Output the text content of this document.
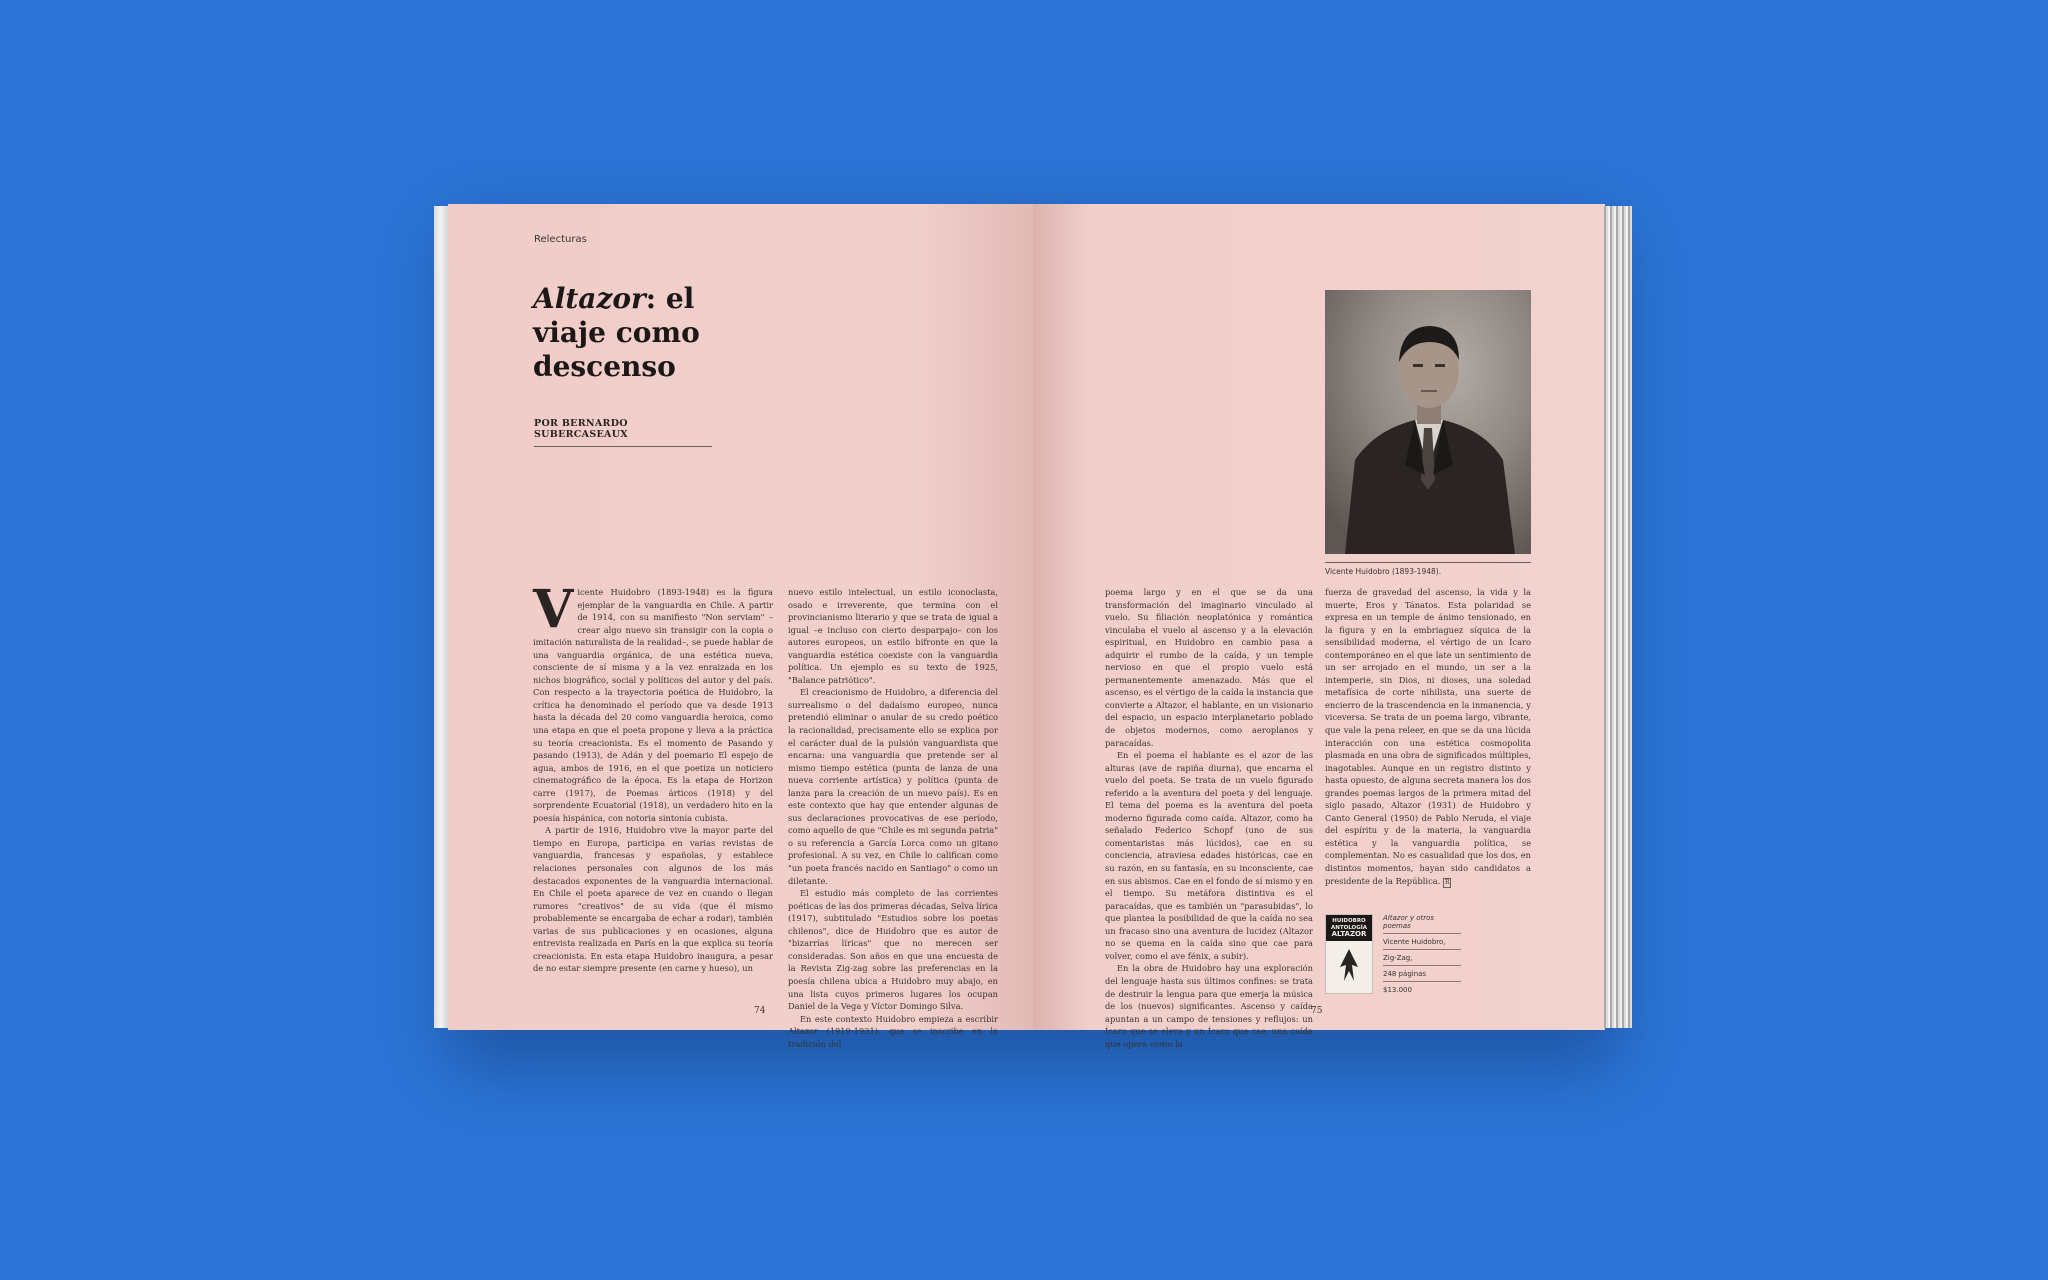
Relecturas
Altazor: el viaje como descenso
POR BERNARDO SUBERCASEAUX

Vicente Huidobro (1893-1948) es la figura ejemplar de la vanguardia en Chile. A partir de 1914, con su manifiesto "Non serviam" –crear algo nuevo sin transigir con la copia o imitación naturalista de la realidad–, se puede hablar de una vanguardia orgánica, de una estética nueva, consciente de sí misma y a la vez enraizada en los nichos biográfico, social y políticos del autor y del país. Con respecto a la trayectoria poética de Huidobro, la crítica ha denominado el período que va desde 1913 hasta la década del 20 como vanguardia heroica, como una etapa en que el poeta propone y lleva a la práctica su teoría creacionista. Es el momento de Pasando y pasando (1913), de Adán y del poemario El espejo de agua, ambos de 1916, en el que poetiza un noticiero cinematográfico de la época. Es la etapa de Horizon carre (1917), de Poemas árticos (1918) y del sorprendente Ecuatorial (1918), un verdadero hito en la poesía hispánica, con notoria sintonía cubista.

A partir de 1916, Huidobro vive la mayor parte del tiempo en Europa, participa en varias revistas de vanguardia, francesas y españolas, y establece relaciones personales con algunos de los más destacados exponentes de la vanguardia internacional. En Chile el poeta aparece de vez en cuando o llegan rumores "creativos" de su vida (que él mismo probablemente se encargaba de echar a rodar), también varias de sus publicaciones y en ocasiones, alguna entrevista realizada en París en la que explica su teoría creacionista. En esta etapa Huidobro inaugura, a pesar de no estar siempre presente (en carne y hueso), un

nuevo estilo intelectual, un estilo iconoclasta, osado e irreverente, que termina con el provincianismo literario y que se trata de igual a igual –e incluso con cierto desparpajo– con los autores europeos, un estilo bifronte en que la vanguardia estética coexiste con la vanguardia política. Un ejemplo es su texto de 1925, "Balance patriótico".

El creacionismo de Huidobro, a diferencia del surrealismo o del dadaísmo europeo, nunca pretendió eliminar o anular de su credo poético la racionalidad, precisamente ello se explica por el carácter dual de la pulsión vanguardista que encarna: una vanguardia que pretende ser al mismo tiempo estética (punta de lanza de una nueva corriente artística) y política (punta de lanza para la creación de un nuevo país). Es en este contexto que hay que entender algunas de sus declaraciones provocativas de ese período, como aquello de que "Chile es mi segunda patria" o su referencia a García Lorca como un gitano profesional. A su vez, en Chile lo califican como "un poeta francés nacido en Santiago" o como un diletante.

El estudio más completo de las corrientes poéticas de las dos primeras décadas, Selva lírica (1917), subtitulado "Estudios sobre los poetas chilenos", dice de Huidobro que es autor de "bizarrías líricas" que no merecen ser consideradas. Son años en que una encuesta de la Revista Zig-zag sobre las preferencias en la poesía chilena ubica a Huidobro muy abajo, en una lista cuyos primeros lugares los ocupan Daniel de la Vega y Víctor Domingo Silva.

En este contexto Huidobro empieza a escribir Altazor (1919-1931), que se inscribe en la tradición del

74
Vicente Huidobro (1893-1948).

poema largo y en el que se da una transformación del imaginario vinculado al vuelo. Su filiación neoplatónica y romántica vinculaba el vuelo al ascenso y a la elevación espiritual, en Huidobro en cambio pasa a adquirir el rumbo de la caída, y un temple nervioso en que el propio vuelo está permanentemente amenazado. Más que el ascenso, es el vértigo de la caída la instancia que convierte a Altazor, el hablante, en un visionario del espacio, un espacio interplanetario poblado de objetos modernos, como aeroplanos y paracaídas.

En el poema el hablante es el azor de las alturas (ave de rapiña diurna), que encarna el vuelo del poeta. Se trata de un vuelo figurado referido a la aventura del poeta y del lenguaje. El tema del poema es la aventura del poeta moderno figurada como caída. Altazor, como ha señalado Federico Schopf (uno de sus comentaristas más lúcidos), cae en su conciencia, atraviesa edades históricas, cae en su razón, en su fantasía, en su inconsciente, cae en sus abismos. Cae en el fondo de sí mismo y en el tiempo. Su metáfora distintiva es el paracaídas, que es también un "parasubidas", lo que plantea la posibilidad de que la caída no sea un fracaso sino una aventura de lucidez (Altazor no se quema en la caída sino que cae para volver, como el ave fénix, a subir).

En la obra de Huidobro hay una exploración del lenguaje hasta sus últimos confines: se trata de destruir la lengua para que emerja la música de los (nuevos) significantes. Ascenso y caída apuntan a un campo de tensiones y reflujos: un Ícaro que se eleva y un Ícaro que cae, una caída que opera como la

fuerza de gravedad del ascenso, la vida y la muerte, Eros y Tánatos. Esta polaridad se expresa en un temple de ánimo tensionado, en la figura y en la embriaguez síquica de la sensibilidad moderna, el vértigo de un Ícaro contemporáneo en el que late un sentimiento de un ser arrojado en el mundo, un ser a la intemperie, sin Dios, ni dioses, una soledad metafísica de corte nihilista, una suerte de encierro de la trascendencia en la inmanencia, y viceversa. Se trata de un poema largo, vibrante, que vale la pena releer, en que se da una lúcida interacción con una estética cosmopolita plasmada en una obra de significados múltiples, inagotables. Aunque en un registro distinto y hasta opuesto, de alguna secreta manera los dos grandes poemas largos de la primera mitad del siglo pasado, Altazor (1931) de Huidobro y Canto General (1950) de Pablo Neruda, el viaje del espíritu y de la materia, la vanguardia estética y la vanguardia política, se complementan. No es casualidad que los dos, en distintos momentos, hayan sido candidatos a presidente de la República. R

HUIDOBRO
ANTOLOGÍA
ALTAZOR
Altazor y otros poemas
Vicente Huidobro,
Zig-Zag,
248 páginas
$13.000
75
